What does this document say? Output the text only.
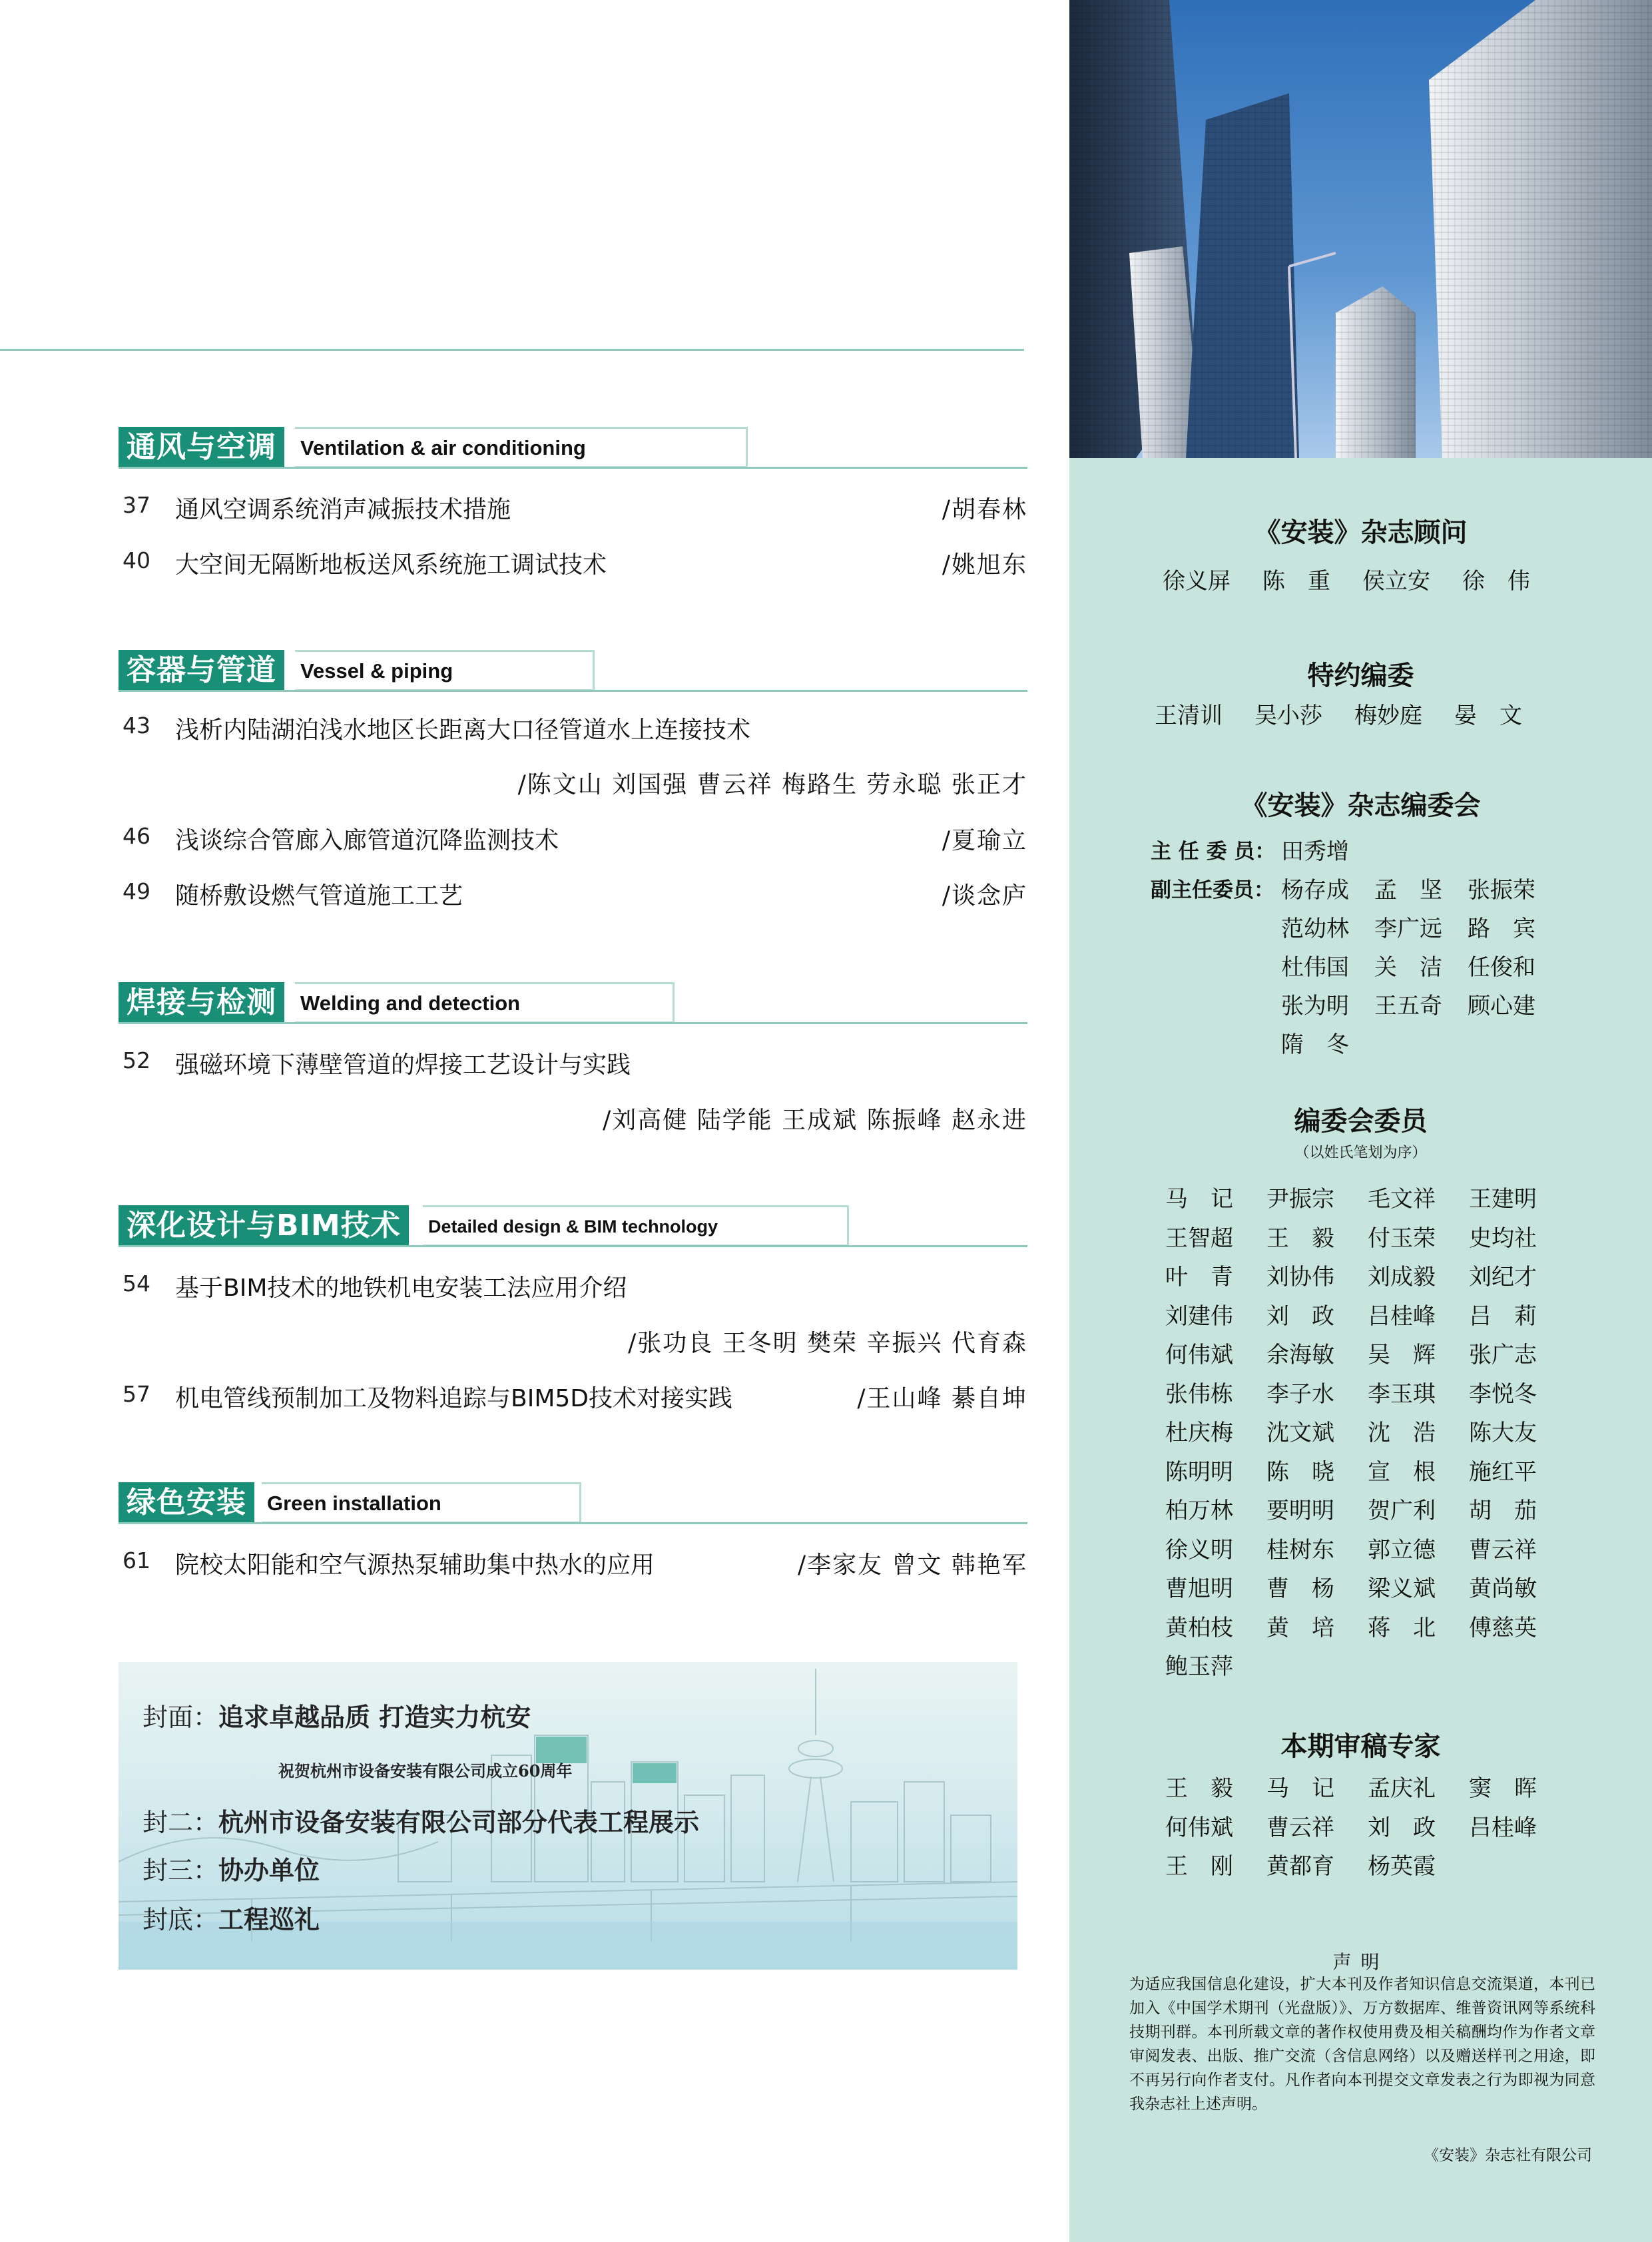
通风与空调	Ventilation & air conditioning
37 通风空调系统消声减振技术措施	/胡春林
40 大空间无隔断地板送风系统施工调试技术	/姚旭东
容器与管道	Vessel & piping
43 浅析内陆湖泊浅水地区长距离大口径管道水上连接技术
/陈文山 刘国强 曹云祥 梅路生 劳永聪 张正才
46 浅谈综合管廊入廊管道沉降监测技术	/夏瑜立
49 随桥敷设燃气管道施工工艺	/谈念庐
焊接与检测	Welding and detection
52 强磁环境下薄壁管道的焊接工艺设计与实践
/刘高健 陆学能 王成斌 陈振峰 赵永进
深化设计与BIM技术	Detailed design & BIM technology
54 基于BIM技术的地铁机电安装工法应用介绍
/张功良 王冬明 樊荣 辛振兴 代育森
57 机电管线预制加工及物料追踪与BIM5D技术对接实践	/王山峰 綦自坤
绿色安装	Green installation
61 院校太阳能和空气源热泵辅助集中热水的应用	/李家友 曾文 韩艳军
封面：追求卓越品质 打造实力杭安
祝贺杭州市设备安装有限公司成立60周年
封二：杭州市设备安装有限公司部分代表工程展示
封三：协办单位
封底：工程巡礼
《安装》杂志顾问
徐义屏 陈　重 侯立安 徐　伟
特约编委
王清训 吴小莎 梅妙庭 晏　文
《安装》杂志编委会
主 任 委 员： 田秀增
副主任委员： 杨存成 孟　坚 张振荣
范幼林 李广远 路　宾
杜伟国 关　洁 任俊和
张为明 王五奇 顾心建
隋　冬
编委会委员
（以姓氏笔划为序）
马　记 尹振宗 毛文祥 王建明
王智超 王　毅 付玉荣 史均社
叶　青 刘协伟 刘成毅 刘纪才
刘建伟 刘　政 吕桂峰 吕　莉
何伟斌 余海敏 吴　辉 张广志
张伟栋 李子水 李玉琪 李悦冬
杜庆梅 沈文斌 沈　浩 陈大友
陈明明 陈　晓 宣　根 施红平
柏万林 要明明 贺广利 胡　茄
徐义明 桂树东 郭立德 曹云祥
曹旭明 曹　杨 梁义斌 黄尚敏
黄柏枝 黄　培 蒋　北 傅慈英
鲍玉萍
本期审稿专家
王　毅 马　记 孟庆礼 窦　晖
何伟斌 曹云祥 刘　政 吕桂峰
王　刚 黄都育 杨英霞
声明
为适应我国信息化建设，扩大本刊及作者知识信息交流渠道，本刊已加入《中国学术期刊（光盘版）》、万方数据库、维普资讯网等系统科技期刊群。本刊所载文章的著作权使用费及相关稿酬均作为作者文章审阅发表、出版、推广交流（含信息网络）以及赠送样刊之用途，即不再另行向作者支付。凡作者向本刊提交文章发表之行为即视为同意我杂志社上述声明。
《安装》杂志社有限公司
